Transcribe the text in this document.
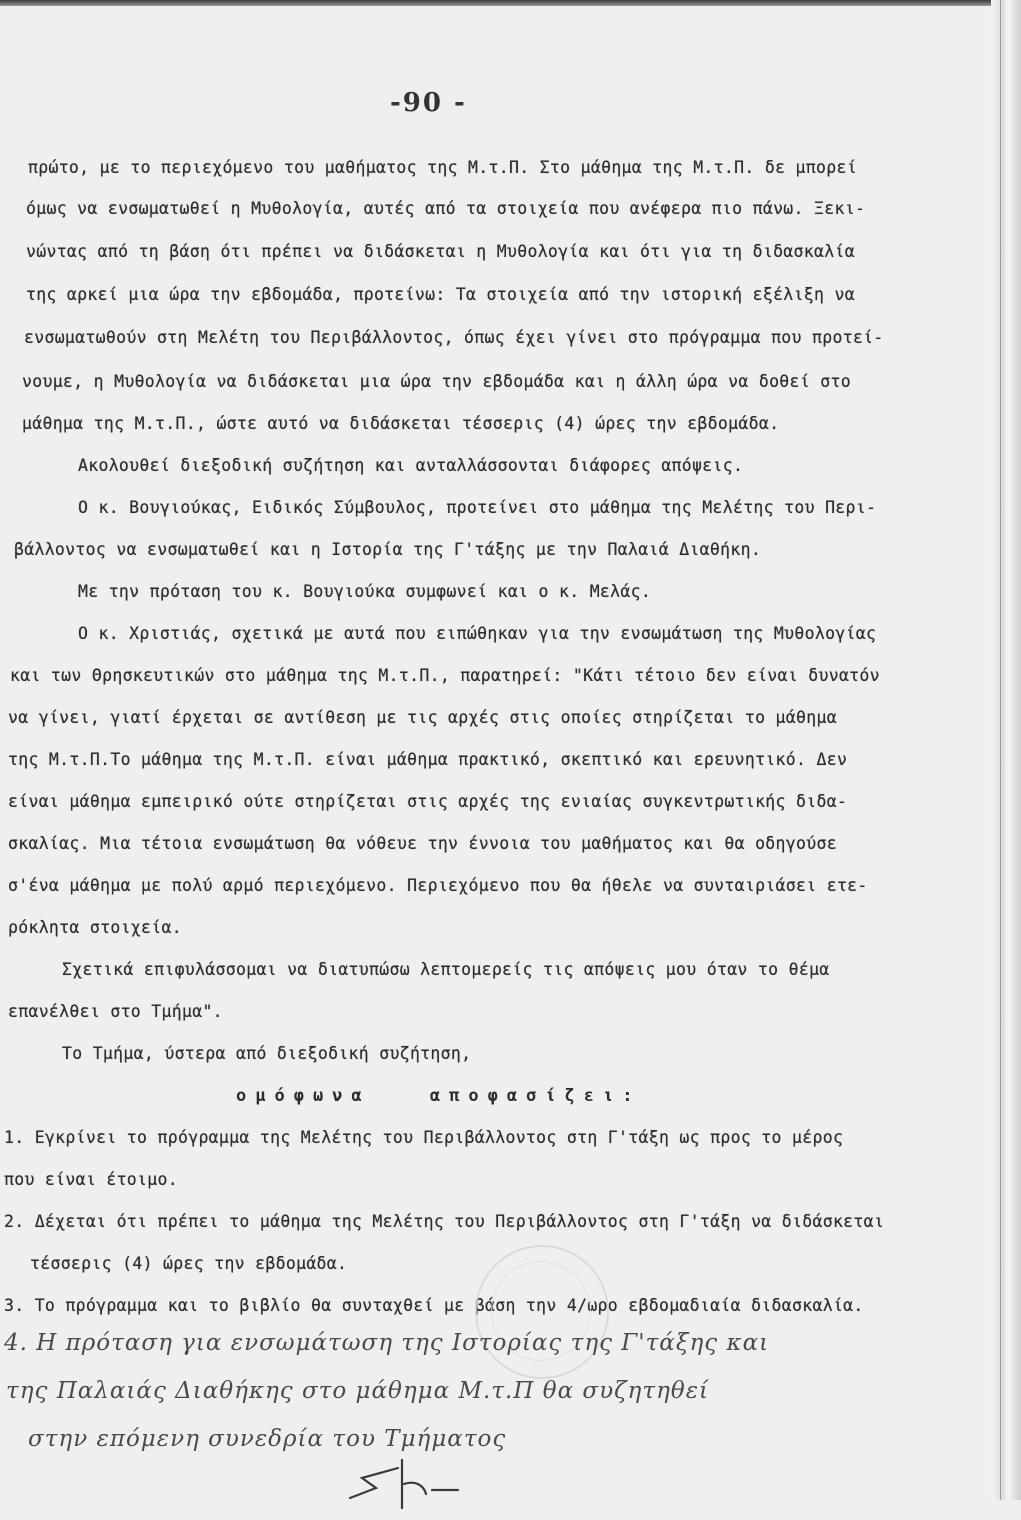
-90 -
πρώτο, με το περιεχόμενο του μαθήματος της Μ.τ.Π. Στο μάθημα της Μ.τ.Π. δε μπορεί
όμως να ενσωματωθεί η Μυθολογία, αυτές από τα στοιχεία που ανέφερα πιο πάνω. Ξεκι-
νώντας από τη βάση ότι πρέπει να διδάσκεται η Μυθολογία και ότι για τη διδασκαλία
της αρκεί μια ώρα την εβδομάδα, προτείνω: Τα στοιχεία από την ιστορική εξέλιξη να
ενσωματωθούν στη Μελέτη του Περιβάλλοντος, όπως έχει γίνει στο πρόγραμμα που προτεί-
νουμε, η Μυθολογία να διδάσκεται μια ώρα την εβδομάδα και η άλλη ώρα να δοθεί στο
μάθημα της Μ.τ.Π., ώστε αυτό να διδάσκεται τέσσερις (4) ώρες την εβδομάδα.
Ακολουθεί διεξοδική συζήτηση και ανταλλάσσονται διάφορες απόψεις.
Ο κ. Βουγιούκας, Ειδικός Σύμβουλος, προτείνει στο μάθημα της Μελέτης του Περι-
βάλλοντος να ενσωματωθεί και η Ιστορία της Γ'τάξης με την Παλαιά Διαθήκη.
Με την πρόταση του κ. Βουγιούκα συμφωνεί και ο κ. Μελάς.
Ο κ. Χριστιάς, σχετικά με αυτά που ειπώθηκαν για την ενσωμάτωση της Μυθολογίας
και των Θρησκευτικών στο μάθημα της Μ.τ.Π., παρατηρεί: "Κάτι τέτοιο δεν είναι δυνατόν
να γίνει, γιατί έρχεται σε αντίθεση με τις αρχές στις οποίες στηρίζεται το μάθημα
της Μ.τ.Π.Το μάθημα της Μ.τ.Π. είναι μάθημα πρακτικό, σκεπτικό και ερευνητικό. Δεν
είναι μάθημα εμπειρικό ούτε στηρίζεται στις αρχές της ενιαίας συγκεντρωτικής διδα-
σκαλίας. Μια τέτοια ενσωμάτωση θα νόθευε την έννοια του μαθήματος και θα οδηγούσε
σ'ένα μάθημα με πολύ αρμό περιεχόμενο. Περιεχόμενο που θα ήθελε να συνταιριάσει ετε-
ρόκλητα στοιχεία.
Σχετικά επιφυλάσσομαι να διατυπώσω λεπτομερείς τις απόψεις μου όταν το θέμα
επανέλθει στο Τμήμα".
Το Τμήμα, ύστερα από διεξοδική συζήτηση,
ομόφωνα αποφασίζει:
1. Εγκρίνει το πρόγραμμα της Μελέτης του Περιβάλλοντος στη Γ'τάξη ως προς το μέρος
που είναι έτοιμο.
2. Δέχεται ότι πρέπει το μάθημα της Μελέτης του Περιβάλλοντος στη Γ'τάξη να διδάσκεται
τέσσερις (4) ώρες την εβδομάδα.
3. Το πρόγραμμα και το βιβλίο θα συνταχθεί με βάση την 4/ωρο εβδομαδιαία διδασκαλία.
4. Η πρόταση για ενσωμάτωση της Ιστορίας της Γ'τάξης και
της Παλαιάς Διαθήκης στο μάθημα Μ.τ.Π θα συζητηθεί
στην επόμενη συνεδρία του Τμήματος
